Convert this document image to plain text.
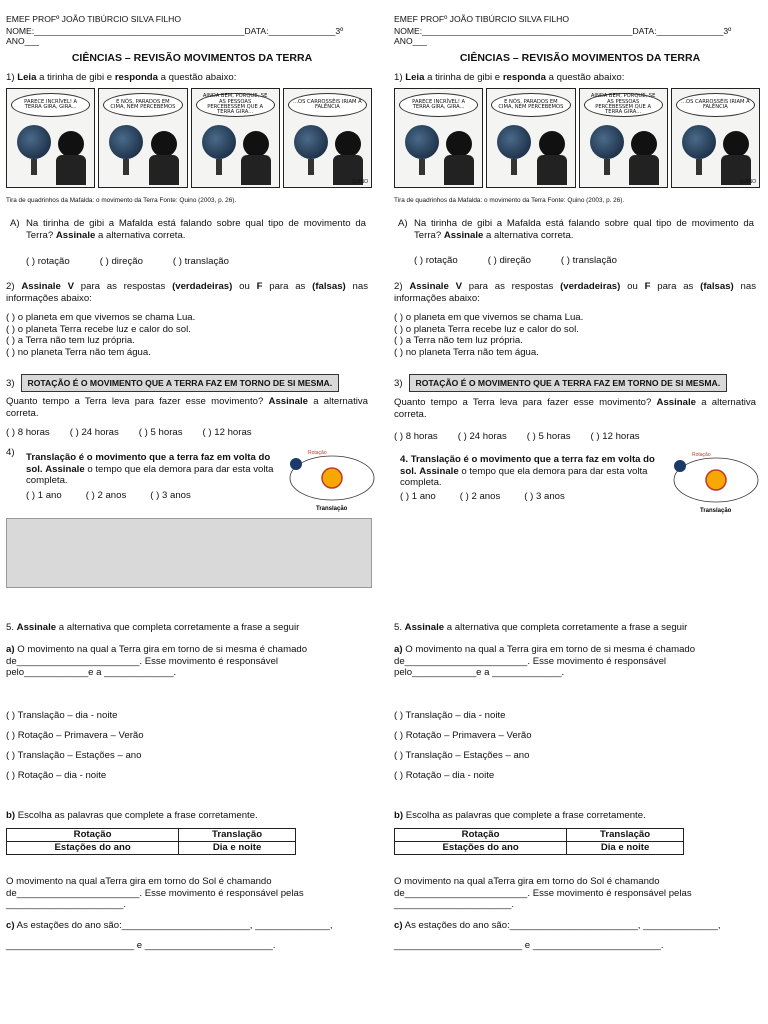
EMEF PROFº JOÃO TIBÚRCIO SILVA FILHO
NOME:____________________________________________DATA:______________3º ANO___
CIÊNCIAS – REVISÃO MOVIMENTOS DA TERRA
1) Leia a tirinha de gibi e responda a questão abaixo:
PARECE INCRÍVEL! A TERRA GIRA, GIRA...
E NÓS, PARADOS EM CIMA, NEM PERCEBEMOS
AINDA BEM, PORQUE, SE AS PESSOAS PERCEBESSEM QUE A TERRA GIRA...
...OS CARROSSÉIS IRIAM À FALÊNCIA
QUINO
Tira de quadrinhos da Mafalda: o movimento da Terra Fonte: Quino (2003, p. 26).
A) Na tirinha de gibi a Mafalda está falando sobre qual tipo de movimento da Terra? Assinale a alternativa correta.
( ) rotação	( ) direção	( ) translação
2) Assinale V para as respostas (verdadeiras) ou F para as (falsas) nas informações abaixo:
( ) o planeta em que vivemos se chama Lua.
( ) o planeta Terra recebe luz e calor do sol.
( ) a Terra não tem luz própria.
( ) no planeta Terra não tem água.
3) ROTAÇÃO É O MOVIMENTO QUE A TERRA FAZ EM TORNO DE SI MESMA.
Quanto tempo a Terra leva para fazer esse movimento? Assinale a alternativa correta.
( ) 8 horas ( ) 24 horas ( ) 5 horas ( ) 12 horas
4) Translação é o movimento que a terra faz em volta do sol. Assinale o tempo que ela demora para dar esta volta completa.
( ) 1 ano	( ) 2 anos	( ) 3 anos
Rotação
Translação
5. Assinale a alternativa que completa corretamente a frase a seguir
a) O movimento na qual a Terra gira em torno de si mesma é chamado
de_______________________. Esse movimento é responsável
pelo____________e a _____________.
( ) Translação – dia - noite
( ) Rotação – Primavera – Verão
( ) Translação – Estações – ano
( ) Rotação – dia - noite
b) Escolha as palavras que complete a frase corretamente.
Rotação	Translação
Estações do ano	Dia e noite
O movimento na qual aTerra gira em torno do Sol é chamando
de_______________________. Esse movimento é responsável pelas
______________________.
c) As estações do ano são:________________________, ______________,
________________________ e ________________________.
EMEF PROFº JOÃO TIBÚRCIO SILVA FILHO
NOME:____________________________________________DATA:______________3º ANO___
CIÊNCIAS – REVISÃO MOVIMENTOS DA TERRA
1) Leia a tirinha de gibi e responda a questão abaixo:
PARECE INCRÍVEL! A TERRA GIRA, GIRA...
E NÓS, PARADOS EM CIMA, NEM PERCEBEMOS
AINDA BEM, PORQUE, SE AS PESSOAS PERCEBESSEM QUE A TERRA GIRA...
...OS CARROSSÉIS IRIAM À FALÊNCIA
QUINO
Tira de quadrinhos da Mafalda: o movimento da Terra Fonte: Quino (2003, p. 26).
A) Na tirinha de gibi a Mafalda está falando sobre qual tipo de movimento da Terra? Assinale a alternativa correta.
( ) rotação	( ) direção	( ) translação
2) Assinale V para as respostas (verdadeiras) ou F para as (falsas) nas informações abaixo:
( ) o planeta em que vivemos se chama Lua.
( ) o planeta Terra recebe luz e calor do sol.
( ) a Terra não tem luz própria.
( ) no planeta Terra não tem água.
3) ROTAÇÃO É O MOVIMENTO QUE A TERRA FAZ EM TORNO DE SI MESMA.
Quanto tempo a Terra leva para fazer esse movimento? Assinale a alternativa correta.
( ) 8 horas ( ) 24 horas ( ) 5 horas ( ) 12 horas
4. Translação é o movimento que a terra faz em volta do sol. Assinale o tempo que ela demora para dar esta volta completa.
( ) 1 ano	( ) 2 anos	( ) 3 anos
Rotação
Translação
5. Assinale a alternativa que completa corretamente a frase a seguir
a) O movimento na qual a Terra gira em torno de si mesma é chamado
de_______________________. Esse movimento é responsável
pelo____________e a _____________.
( ) Translação – dia - noite
( ) Rotação – Primavera – Verão
( ) Translação – Estações – ano
( ) Rotação – dia - noite
b) Escolha as palavras que complete a frase corretamente.
Rotação	Translação
Estações do ano	Dia e noite
O movimento na qual aTerra gira em torno do Sol é chamando
de_______________________. Esse movimento é responsável pelas
______________________.
c) As estações do ano são:________________________, ______________,
________________________ e ________________________.
